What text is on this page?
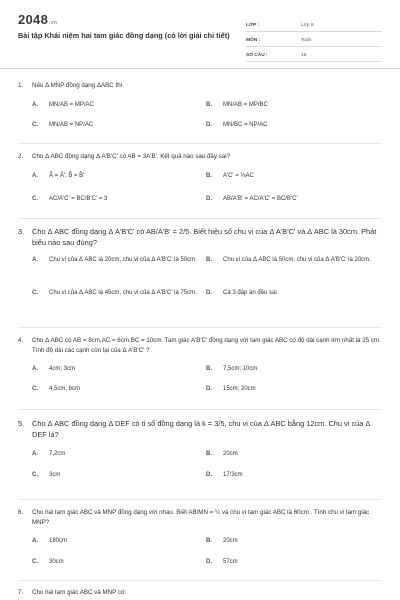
2048.vn
Bài tập Khái niệm hai tam giác đồng dạng (có lời giải chi tiết)
LỚP :	Lớp 8
MÔN :	Toán
SỐ CÂU :	16
1. Nếu Δ MNP đồng dạng ΔABC thì
A. MN/AB = MP/AC	B. MN/AB = MP/BC
C. MN/AB = NP/AC	D. MN/BC = NP/AC
2. Cho Δ ABC đồng dạng Δ A'B'C' có AB = 3A'B'. Kết quả nào sau đây sai?
A. Â = Â'; B̂ = B̂'	B. A'C' = ⅓AC
C. AC/A'C' = BC/B'C' = 3	D. AB/A'B' = AC/A'C' = BC/B'C'
3. Cho Δ ABC đồng dạng Δ A'B'C' có AB/A'B' = 2/5. Biết hiệu số chu vi của Δ A'B'C' và Δ ABC là 30cm. Phát biểu nào sau đúng?
A. Chu vi của Δ ABC là 20cm, chu vi của Δ A'B'C' là 50cm.	B. Chu vi của Δ ABC là 50cm, chu vi của Δ A'B'C' là 20cm.
C. Chu vi của Δ ABC là 45cm, chu vi của Δ A'B'C' là 75cm.	D. Cả 3 đáp án đều sai.
4. Cho Δ ABC có AB = 8cm,AC = 6cm,BC = 10cm. Tam giác A'B'C' đồng dạng với tam giác ABC có độ dài cạnh lớn nhất là 25 cm. Tính độ dài các cạnh còn lại của Δ A'B'C' ?
A. 4cm; 3cm	B. 7,5cm; 10cm
C. 4,5cm; 6cm	D. 15cm; 20cm
5. Cho Δ ABC đồng dạng Δ DEF có tỉ số đồng dạng là k = 3/5, chu vi của Δ ABC bằng 12cm. Chu vi của Δ DEF là?
A. 7,2cm	B. 20cm
C. 3cm	D. 17/3cm
6. Cho hai tam giác ABC và MNP đồng dạng với nhau. Biết AB/MN = ¼ và chu vi tam giác ABC là 60cm . Tính chu vi tam giác MNP?
A. 180cm	B. 20cm
C. 30cm	D. 57cm
7. Cho hai tam giác ABC và MNP có:
